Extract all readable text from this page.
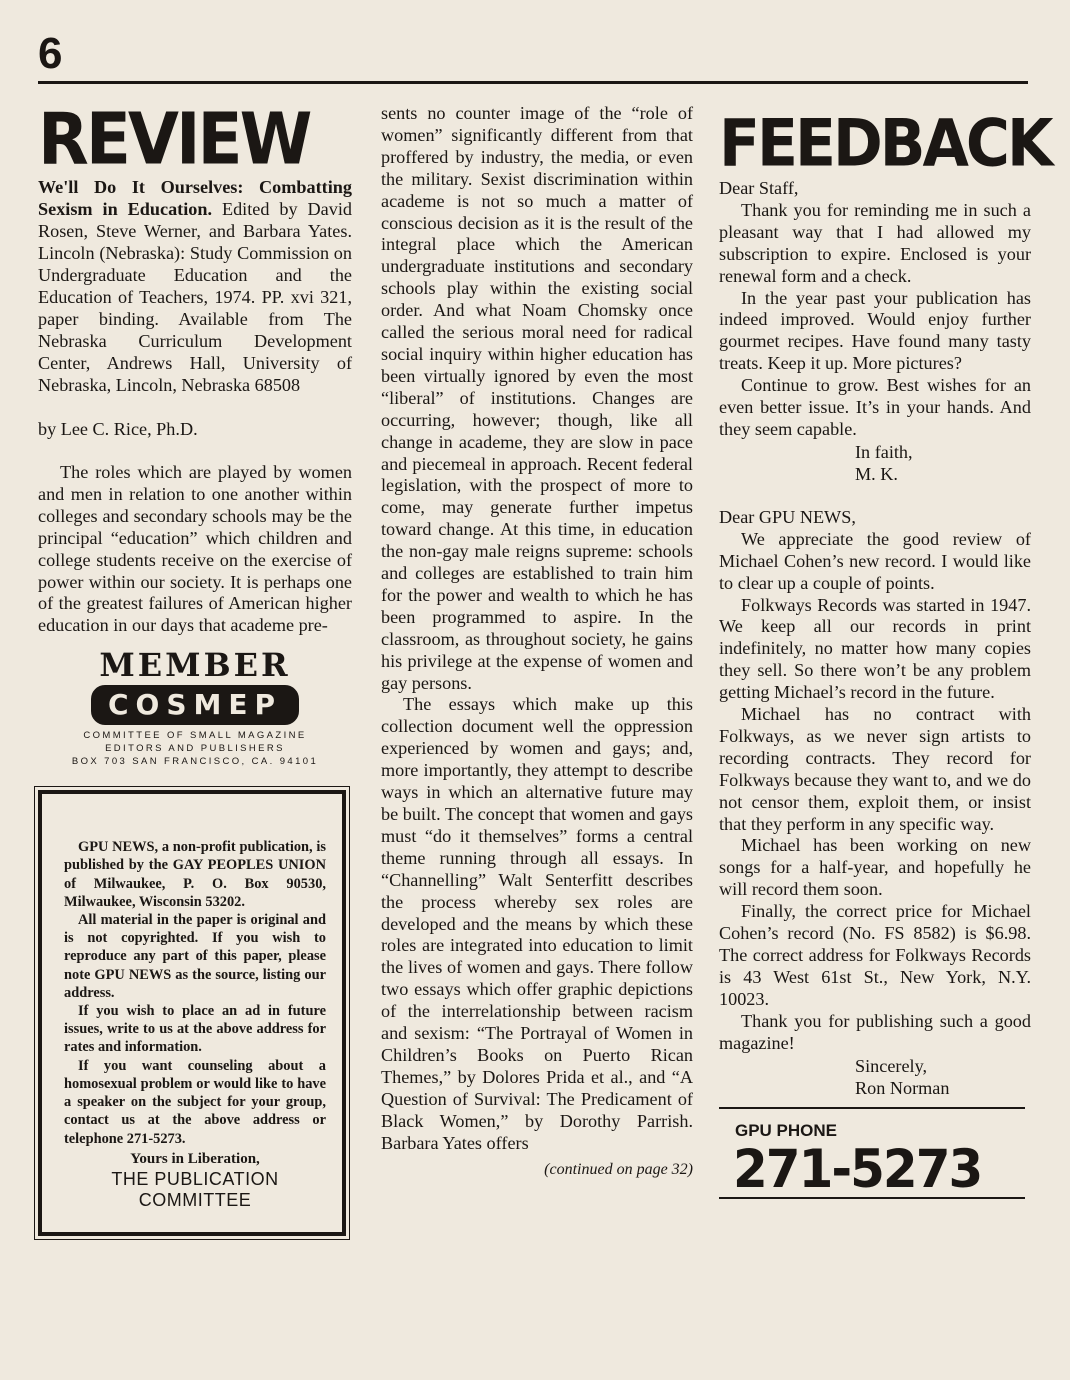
6
REVIEW

We'll Do It Ourselves: Combatting Sexism in Education. Edited by David Rosen, Steve Werner, and Barbara Yates. Lincoln (Nebraska): Study Commission on Undergraduate Education and the Education of Teachers, 1974. PP. xvi 321, paper binding. Available from The Nebraska Curriculum Development Center, Andrews Hall, University of Nebraska, Lincoln, Nebraska 68508

by Lee C. Rice, Ph.D.

The roles which are played by women and men in relation to one another within colleges and secondary schools may be the principal “education” which children and college students receive on the exercise of power within our society. It is perhaps one of the greatest failures of American higher education in our days that academe pre-

MEMBER
COSMEP
COMMITTEE OF SMALL MAGAZINE
EDITORS AND PUBLISHERS
BOX 703 SAN FRANCISCO, CA. 94101

GPU NEWS, a non-profit publication, is published by the GAY PEOPLES UNION of Milwaukee, P. O. Box 90530, Milwaukee, Wisconsin 53202.

All material in the paper is original and is not copyrighted. If you wish to reproduce any part of this paper, please note GPU NEWS as the source, listing our address.

If you wish to place an ad in future issues, write to us at the above address for rates and information.

If you want counseling about a homosexual problem or would like to have a speaker on the subject for your group, contact us at the above address or telephone 271-5273.

Yours in Liberation,
THE PUBLICATION
COMMITTEE

sents no counter image of the “role of women” significantly different from that proffered by industry, the media, or even the military. Sexist discrimination within academe is not so much a matter of conscious decision as it is the result of the integral place which the American undergraduate institutions and secondary schools play within the existing social order. And what Noam Chomsky once called the serious moral need for radical social inquiry within higher education has been virtually ignored by even the most “liberal” of institutions. Changes are occurring, however; though, like all change in academe, they are slow in pace and piecemeal in approach. Recent federal legislation, with the prospect of more to come, may generate further impetus toward change. At this time, in education the non-gay male reigns supreme: schools and colleges are established to train him for the power and wealth to which he has been programmed to aspire. In the classroom, as throughout society, he gains his privilege at the expense of women and gay persons.

The essays which make up this collection document well the oppression experienced by women and gays; and, more importantly, they attempt to describe ways in which an alternative future may be built. The concept that women and gays must “do it themselves” forms a central theme running through all essays. In “Channelling” Walt Senterfitt describes the process whereby sex roles are developed and the means by which these roles are integrated into education to limit the lives of women and gays. There follow two essays which offer graphic depictions of the interrelationship between racism and sexism: “The Portrayal of Women in Children’s Books on Puerto Rican Themes,” by Dolores Prida et al., and “A Question of Survival: The Predicament of Black Women,” by Dorothy Parrish. Barbara Yates offers

(continued on page 32)
FEEDBACK
Dear Staff,

Thank you for reminding me in such a pleasant way that I had allowed my subscription to expire. Enclosed is your renewal form and a check.

In the year past your publication has indeed improved. Would enjoy further gourmet recipes. Have found many tasty treats. Keep it up. More pictures?

Continue to grow. Best wishes for an even better issue. It’s in your hands. And they seem capable.

In faith,
M. K.
Dear GPU NEWS,

We appreciate the good review of Michael Cohen’s new record. I would like to clear up a couple of points.

Folkways Records was started in 1947. We keep all our records in print indefinitely, no matter how many copies they sell. So there won’t be any problem getting Michael’s record in the future.

Michael has no contract with Folkways, as we never sign artists to recording contracts. They record for Folkways because they want to, and we do not censor them, exploit them, or insist that they perform in any specific way.

Michael has been working on new songs for a half-year, and hopefully he will record them soon.

Finally, the correct price for Michael Cohen’s record (No. FS 8582) is $6.98. The correct address for Folkways Records is 43 West 61st St., New York, N.Y. 10023.

Thank you for publishing such a good magazine!

Sincerely,
Ron Norman
GPU PHONE
271-5273
